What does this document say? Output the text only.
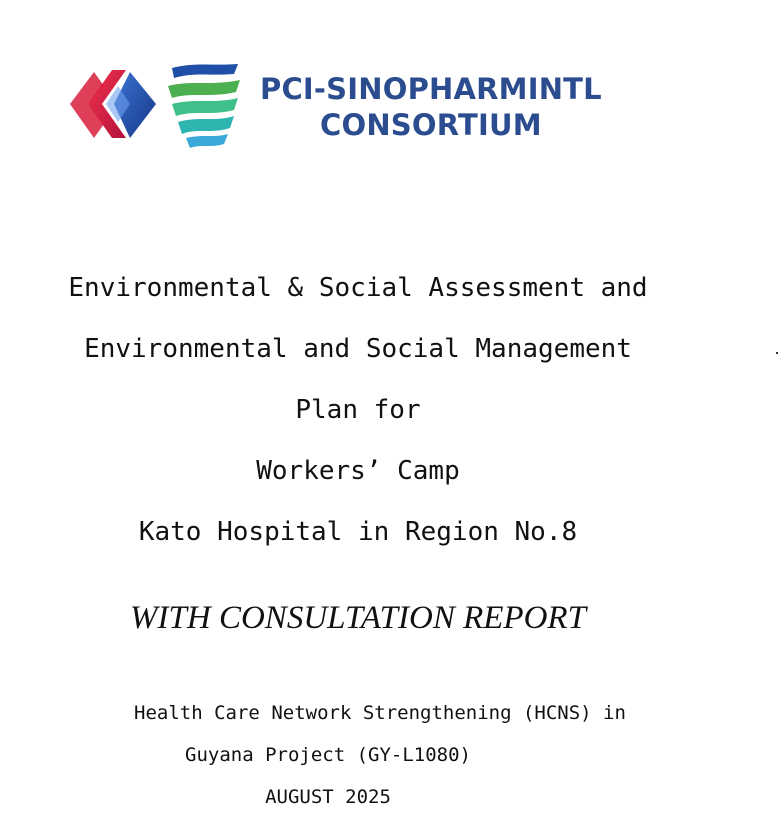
PCI-SINOPHARMINTL
CONSORTIUM
Environmental & Social Assessment and
Environmental and Social Management
Plan for
Workers’ Camp
Kato Hospital in Region No.8
WITH CONSULTATION REPORT
Health Care Network Strengthening (HCNS) in
Guyana Project (GY-L1080)
AUGUST 2025
